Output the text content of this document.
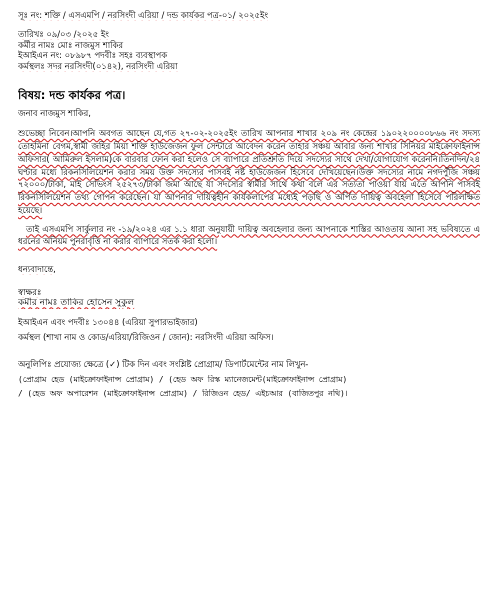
সূঃ নং: শক্তি / এসএমপি / নরসিংদী এরিয়া / দন্ড কার্যকর পত্র-০১/ ২০২৫ইং
তারিখঃ ০৯/০৩ /২০২৫ ইং
কর্মীর নামঃ মোঃ নাজমুস শাকির
ইআইএন নং: ০৮৯৮৭ পদবীঃ সহঃ ব্যবস্থাপক
কর্মস্থলঃ সদর নরসিংদী(০১৪২), নরসিংদী এরিয়া
বিষয়: দন্ড কার্যকর পত্র।
জনাব নাজমুস শাকির,
শুভেচ্ছা নিবেন।আপনি অবগত আছেন যে,গত ২৭-০২-২০২৫ইং তারিখ আপনার শাখার ২০৯ নং কেন্দ্রের ১৯০২২০০০০৮৬৬ নং সদস্য তোহমিনা বেগম,স্বামী জহির মিয়া শক্তি হাউজেজন ফুল সেন্টারে আবেদন করেন তাহার সঞ্চয় আবার জন্য শাখার সিনিয়র মাইক্রোফাইনান্স অফিসার( আমিরুল ইসলাম)কে বারবার ফোন করা হলেও সে ব্যাপারে প্রতিশ্রুতি দিয়ে সদস্যের সাথে দেখা/যোগাযোগ করেননি।তিনদিন/২৪ ঘণ্টার মধ্যে রিকনসিলিয়েশন করার সময় উক্ত সদস্যের পাসবই নষ্ট হাউজেজন হিসেবে দেখিয়েছেন।উক্ত সদস্যের নামে নগদপুঁজি সঞ্চয় ৭২০০০/টাকা, মাই সেভিংস ২৫২৭৩/টাকা জমা আছে যা সদস্যের স্বামীর সাথে কথা বলে এর সত্যতা পাওয়া যায় এতে আপনি পাসবই রিকনসিলিয়েশন তথ্য গোপন করেছেন। যা আপনার দায়িত্বহীন কার্যকলাপের মধ্যেই পড়ছি ও অর্পিত দায়িত্ব অবহেলা হিসেবে পরিলক্ষিত হয়েছে।
তাই এসএমপি সার্কুলার নং -১৯/২০২৪ এর ১.১ ধারা অনুযায়ী দায়িত্ব অবহেলার জন্য আপনাকে শাস্তির আওতায় আনা সহ ভবিষ্যতে এ ধরনের অনিয়ম পুনরাবৃত্তি না করার ব্যাপারে সতর্ক করা হলো।
ধন্যবাদান্তে,
স্বাক্ষরঃ
কর্মীর নামঃ তাকির হোসেন সুকুল
ইআইএন এবং পদবীঃ ১৩০৪৪ (এরিয়া সুপারভাইজার)
কর্মস্থল (শাখা নাম ও কোড/এরিয়া/রিজিওন / জোন): নরসিংদী এরিয়া অফিস।
অনুলিপিঃ প্রযোজ্য ক্ষেত্রে (✓) টিক দিন এবং সংশ্লিষ্ট প্রোগ্রাম/ ডিপার্টমেন্টের নাম লিখুন-
(প্রোগ্রাম হেড (মাইক্রোফাইনান্স প্রোগ্রাম) / (হেড অফ রিস্ক ম্যানেজমেন্ট(মাইক্রোফাইনান্স প্রোগ্রাম)
/ (হেড অফ অপারেশন (মাইক্রোফাইনান্স প্রোগ্রাম) / রিজিওন হেড/ এইচআর (বাজিতপুর নথি)।
